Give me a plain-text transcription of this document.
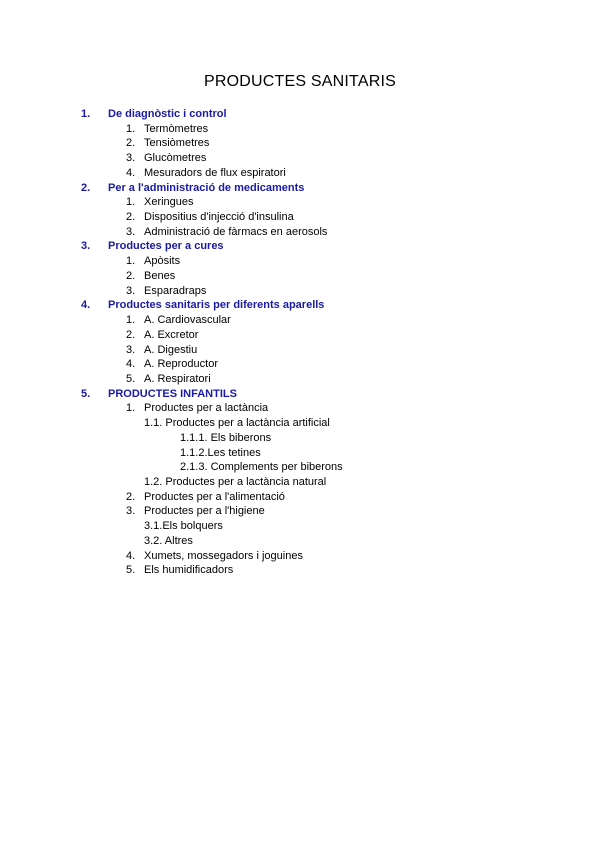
PRODUCTES SANITARIS
1. De diagnòstic i control
1. Termòmetres
2. Tensiòmetres
3. Glucòmetres
4. Mesuradors de flux espiratori
2. Per a l'administració de medicaments
1. Xeringues
2. Dispositius d'injecció d'insulina
3. Administració de fàrmacs en aerosols
3. Productes per a cures
1. Apòsits
2. Benes
3. Esparadraps
4. Productes sanitaris per diferents aparells
1. A. Cardiovascular
2. A. Excretor
3. A. Digestiu
4. A. Reproductor
5. A. Respiratori
5. PRODUCTES INFANTILS
1. Productes per a lactància
1.1. Productes per a lactància artificial
1.1.1. Els biberons
1.1.2.Les tetines
2.1.3. Complements per biberons
1.2. Productes per a lactància natural
2. Productes per a l'alimentació
3. Productes per a l'higiene
3.1.Els bolquers
3.2. Altres
4. Xumets, mossegadors i joguines
5. Els humidificadors
